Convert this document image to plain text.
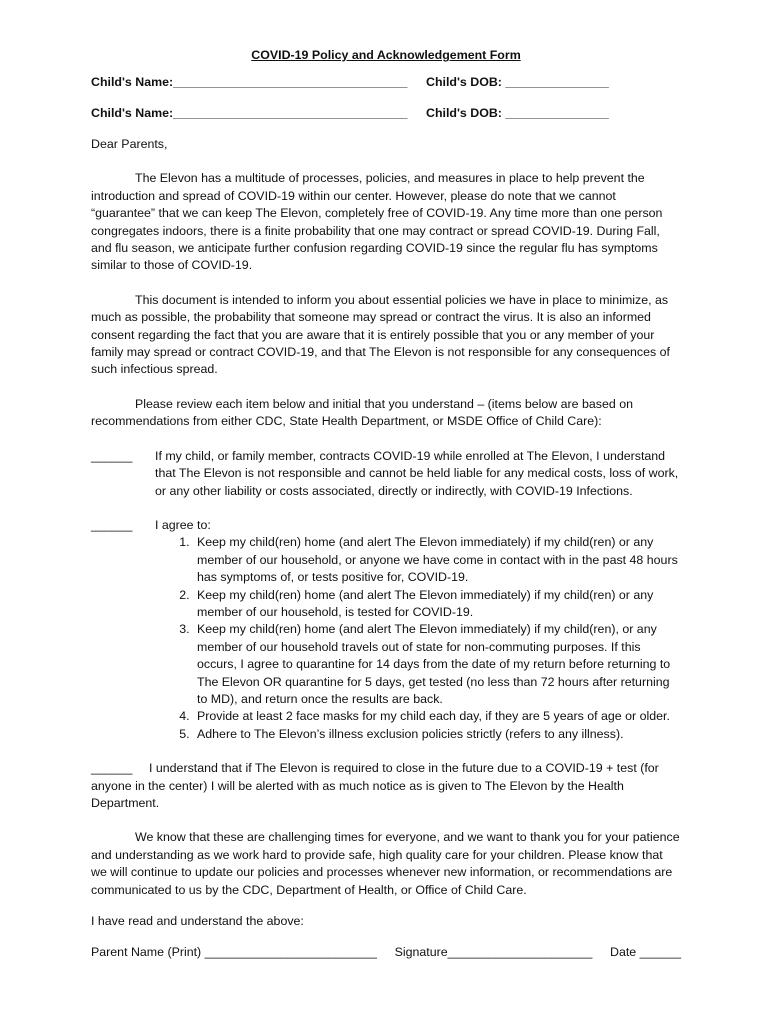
COVID-19 Policy and Acknowledgement Form

Child's Name:__________________________________	Child's DOB: _______________
Child's Name:__________________________________	Child's DOB: _______________

Dear Parents,

The Elevon has a multitude of processes, policies, and measures in place to help prevent the introduction and spread of COVID-19 within our center. However, please do note that we cannot “guarantee” that we can keep The Elevon, completely free of COVID-19. Any time more than one person congregates indoors, there is a finite probability that one may contract or spread COVID-19. During Fall, and flu season, we anticipate further confusion regarding COVID-19 since the regular flu has symptoms similar to those of COVID-19.

This document is intended to inform you about essential policies we have in place to minimize, as much as possible, the probability that someone may spread or contract the virus. It is also an informed consent regarding the fact that you are aware that it is entirely possible that you or any member of your family may spread or contract COVID-19, and that The Elevon is not responsible for any consequences of such infectious spread.

Please review each item below and initial that you understand – (items below are based on recommendations from either CDC, State Health Department, or MSDE Office of Child Care):

______	If my child, or family member, contracts COVID-19 while enrolled at The Elevon, I understand that The Elevon is not responsible and cannot be held liable for any medical costs, loss of work, or any other liability or costs associated, directly or indirectly, with COVID-19 Infections.
______	I agree to:
1. Keep my child(ren) home (and alert The Elevon immediately) if my child(ren) or any member of our household, or anyone we have come in contact with in the past 48 hours has symptoms of, or tests positive for, COVID-19.
2. Keep my child(ren) home (and alert The Elevon immediately) if my child(ren) or any member of our household, is tested for COVID-19.
3. Keep my child(ren) home (and alert The Elevon immediately) if my child(ren), or any member of our household travels out of state for non-commuting purposes. If this occurs, I agree to quarantine for 14 days from the date of my return before returning to The Elevon OR quarantine for 5 days, get tested (no less than 72 hours after returning to MD), and return once the results are back.
4. Provide at least 2 face masks for my child each day, if they are 5 years of age or older.
5. Adhere to The Elevon’s illness exclusion policies strictly (refers to any illness).

______ I understand that if The Elevon is required to close in the future due to a COVID-19 + test (for anyone in the center) I will be alerted with as much notice as is given to The Elevon by the Health Department.

We know that these are challenging times for everyone, and we want to thank you for your patience and understanding as we work hard to provide safe, high quality care for your children. Please know that we will continue to update our policies and processes whenever new information, or recommendations are communicated to us by the CDC, Department of Health, or Office of Child Care.

I have read and understand the above:

Parent Name (Print) _________________________ Signature_____________________ Date ______
